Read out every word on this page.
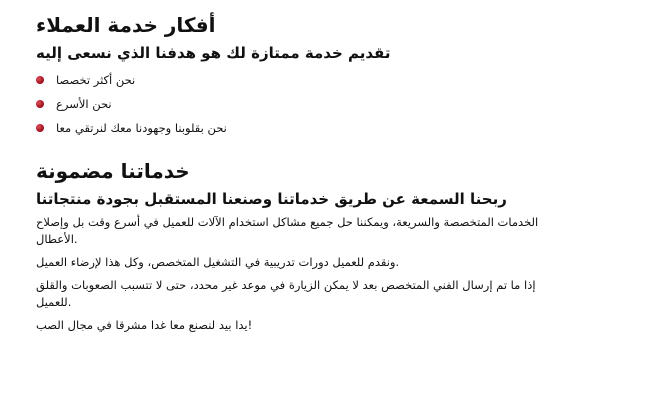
أفكار خدمة العملاء
تقديم خدمة ممتازة لك هو هدفنا الذي نسعى إليه
نحن أكثر تخصصا
نحن الأسرع
نحن بقلوبنا وجهودنا معك لنرتقي معا
خدماتنا مضمونة
ربحنا السمعة عن طريق خدماتنا وصنعنا المستقبل بجودة منتجاتنا

الخدمات المتخصصة والسريعة، ويمكننا حل جميع مشاكل استخدام الآلات للعميل في أسرع وقت بل وإصلاح الأعطال.

ونقدم للعميل دورات تدريبية في التشغيل المتخصص، وكل هذا لإرضاء العميل.

إذا ما تم إرسال الفني المتخصص بعد لا يمكن الزيارة في موعد غير محدد، حتى لا تتسبب الصعوبات والقلق للعميل.

يدا بيد لنصنع معا غدا مشرقا في مجال الصب!
